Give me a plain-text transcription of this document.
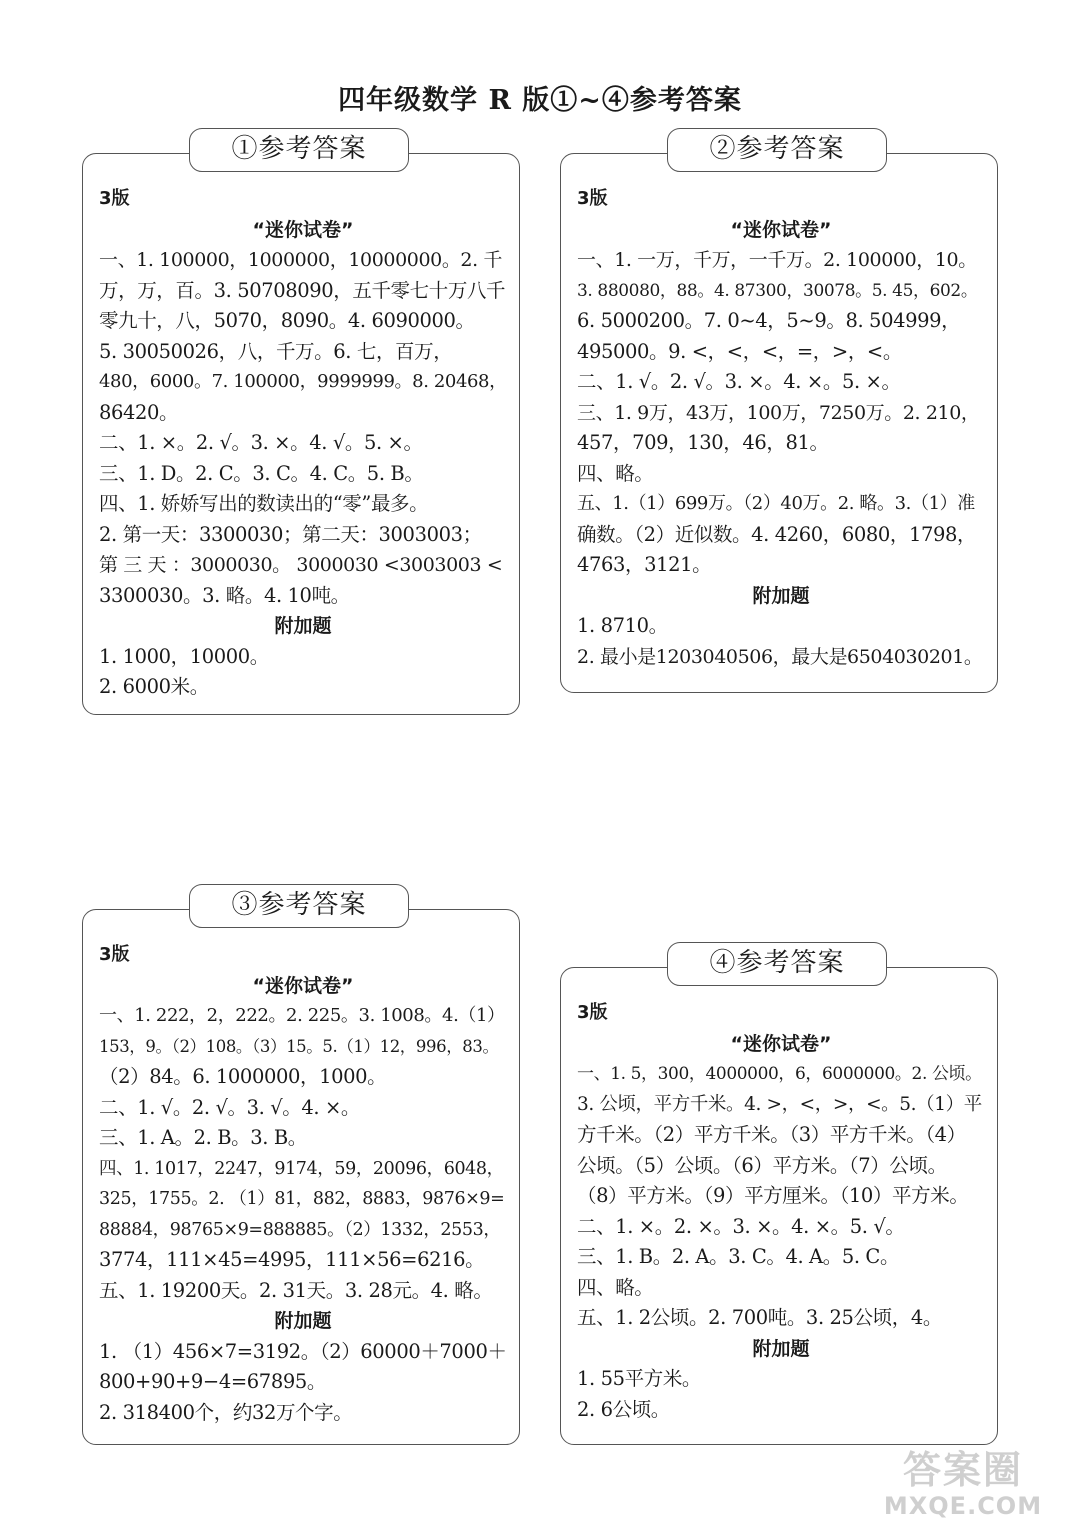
四年级数学 R 版①~④参考答案
①参考答案
3版
“迷你试卷”
一、1. 100000，1000000，10000000。2. 千
万，万，百。3. 50708090，五千零七十万八千
零九十，八，5070，8090。4. 6090000。
5. 30050026，八，千万。6. 七，百万，
480，6000。7. 100000，9999999。8. 20468，
86420。
二、1. ×。2. √。3. ×。4. √。5. ×。
三、1. D。2. C。3. C。4. C。5. B。
四、1. 娇娇写出的数读出的“零”最多。
2. 第一天：3300030；第二天：3003003；
第 三 天 ：3000030。 3000030 <3003003 <
3300030。3. 略。4. 10吨。
附加题
1. 1000，10000。
2. 6000米。
②参考答案
3版
“迷你试卷”
一、1. 一万，千万，一千万。2. 100000，10。
3. 880080，88。4. 87300，30078。5. 45，602。
6. 5000200。7. 0~4，5~9。8. 504999，
495000。9. <，<，<，=，>，<。
二、1. √。2. √。3. ×。4. ×。5. ×。
三、1. 9万，43万，100万，7250万。2. 210，
457，709，130，46，81。
四、略。
五、1.（1）699万。（2）40万。2. 略。3.（1）准
确数。（2）近似数。4. 4260，6080，1798，
4763，3121。
附加题
1. 8710。
2. 最小是1203040506，最大是6504030201。
③参考答案
3版
“迷你试卷”
一、1. 222，2，222。2. 225。3. 1008。4.（1）
153，9。（2）108。（3）15。5.（1）12，996，83。
（2）84。6. 1000000，1000。
二、1. √。2. √。3. √。4. ×。
三、1. A。2. B。3. B。
四、1. 1017，2247，9174，59，20096，6048，
325，1755。2. （1）81，882，8883，9876×9=
88884，98765×9=888885。（2）1332，2553，
3774，111×45=4995，111×56=6216。
五、1. 19200天。2. 31天。3. 28元。4. 略。
附加题
1. （1）456×7=3192。（2）60000＋7000＋
800+90+9−4=67895。
2. 318400个，约32万个字。
④参考答案
3版
“迷你试卷”
一、1. 5，300，4000000，6，6000000。2. 公顷。
3. 公顷，平方千米。4. >，<，>，<。5.（1）平
方千米。（2）平方千米。（3）平方千米。（4）
公顷。（5）公顷。（6）平方米。（7）公顷。
（8）平方米。（9）平方厘米。（10）平方米。
二、1. ×。2. ×。3. ×。4. ×。5. √。
三、1. B。2. A。3. C。4. A。5. C。
四、略。
五、1. 2公顷。2. 700吨。3. 25公顷，4。
附加题
1. 55平方米。
2. 6公顷。
答案圈
MXQE.COM
